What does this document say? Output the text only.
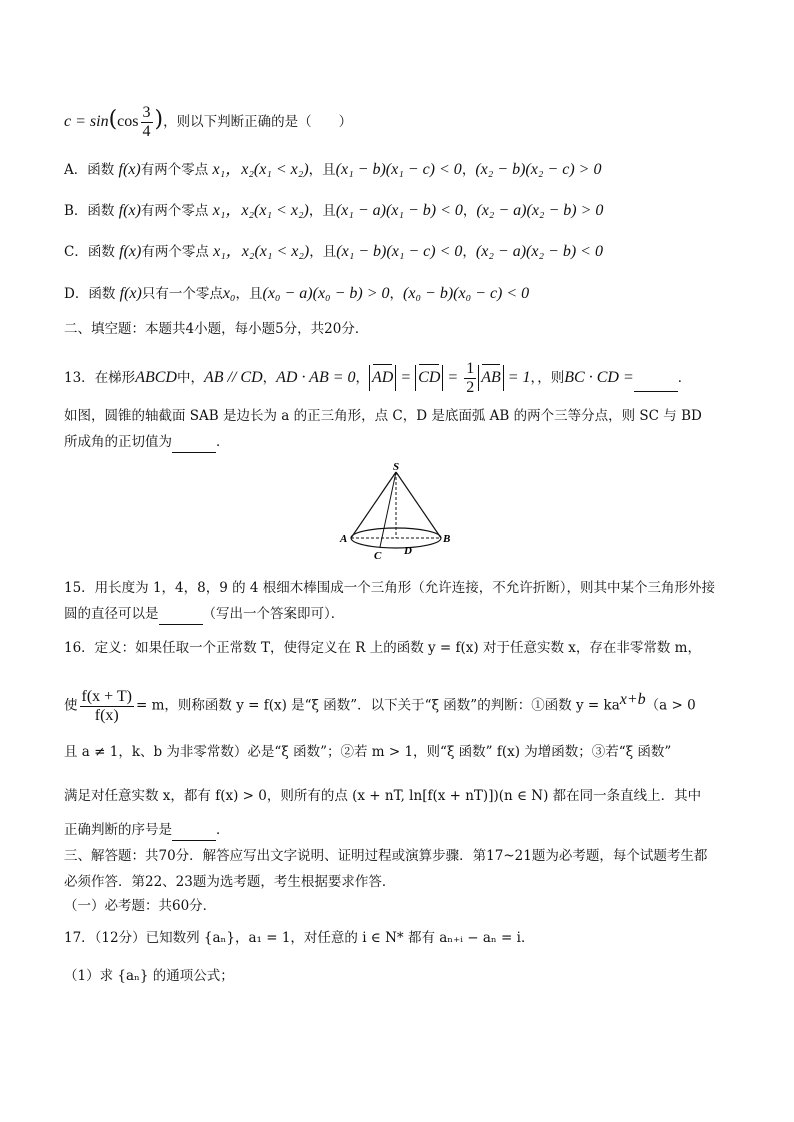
$c = \sin(\cos \frac{3}{4}$ )，则以下判断正确的是（　　）
A．函数 f(x)有两个零点 x₁，x₂(x₁ < x₂)，且(x₁ − b)(x₁ − c) < 0，(x₂ − b)(x₂ − c) > 0
B．函数 f(x)有两个零点 x₁，x₂(x₁ < x₂)，且(x₁ − a)(x₁ − b) < 0，(x₂ − a)(x₂ − b) > 0
C．函数 f(x)有两个零点 x₁，x₂(x₁ < x₂)，且(x₁ − b)(x₁ − c) < 0，(x₂ − a)(x₂ − b) < 0
D．函数 f(x)只有一个零点x₀，且(x₀ − a)(x₀ − b) > 0，(x₀ − b)(x₀ − c) < 0
二、填空题：本题共4小题，每小题5分，共20分．
13．在梯形ABCD中，AB // CD，AD · AB = 0， AD = CD = $\frac{1}{2}$ AB = 1，，则BC · CD =	．
如图，圆锥的轴截面 SAB 是边长为 a 的正三角形，点 C，D 是底面弧 AB 的两个三等分点，则 SC 与 BD
所成角的正切值为	．
S
A	B
C D
15．用长度为 1，4，8，9 的 4 根细木棒围成一个三角形（允许连接，不允许折断），则其中某个三角形外接
圆的直径可以是	（写出一个答案即可）．
16．定义：如果任取一个正常数 T，使得定义在 R 上的函数 y = f(x) 对于任意实数 x，存在非零常数 m，
使 $\frac{f(x + T)}{f(x)} = m$，则称函数 y = f(x) 是“ξ 函数”．以下关于“ξ 函数”的判断：①函数 $y = ka^{x+b}(a > 0$
且 a ≠ 1，k、b 为非零常数）必是“ξ 函数”；②若 m > 1，则“ξ 函数” f(x) 为增函数；③若“ξ 函数”
满足对任意实数 x，都有 f(x) > 0，则所有的点 (x + nT, ln[f(x + nT)])(n ∈ N) 都在同一条直线上．其中
正确判断的序号是	．
三、解答题：共70分．解答应写出文字说明、证明过程或演算步骤．第17~21题为必考题，每个试题考生都
必须作答．第22、23题为选考题，考生根据要求作答．
（一）必考题：共60分．
17．（12分）已知数列 {aₙ}，a₁ = 1，对任意的 i ∈ N* 都有 aₙ₊ᵢ − aₙ = i．
（1）求 {aₙ} 的通项公式；
